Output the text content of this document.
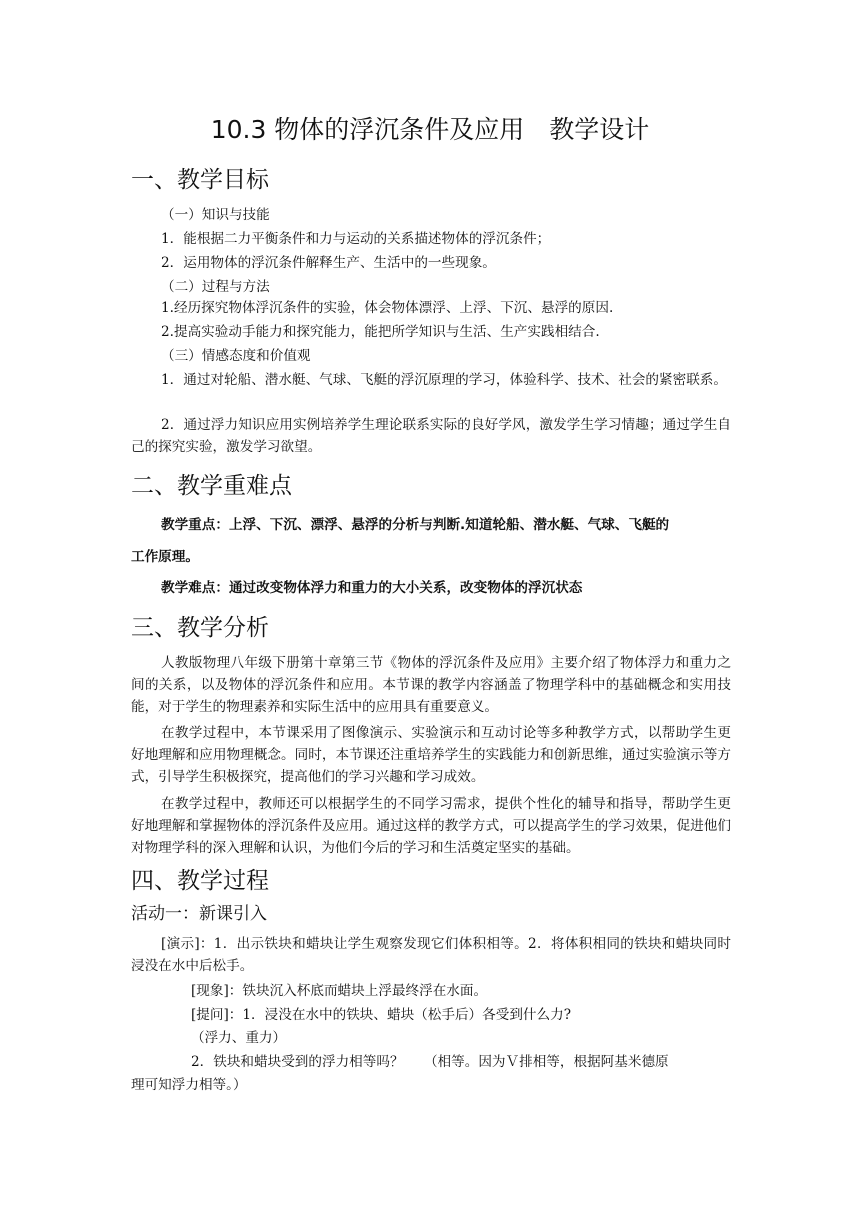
10.3 物体的浮沉条件及应用　教学设计
一、教学目标
（一）知识与技能
1．能根据二力平衡条件和力与运动的关系描述物体的浮沉条件；
2．运用物体的浮沉条件解释生产、生活中的一些现象。
（二）过程与方法
1.经历探究物体浮沉条件的实验，体会物体漂浮、上浮、下沉、悬浮的原因.
2.提高实验动手能力和探究能力，能把所学知识与生活、生产实践相结合.
（三）情感态度和价值观
1．通过对轮船、潜水艇、气球、飞艇的浮沉原理的学习，体验科学、技术、社会的紧密联系。
2．通过浮力知识应用实例培养学生理论联系实际的良好学风，激发学生学习情趣；通过学生自己的探究实验，激发学习欲望。
二、教学重难点
教学重点：上浮、下沉、漂浮、悬浮的分析与判断.知道轮船、潜水艇、气球、飞艇的
工作原理。
教学难点：通过改变物体浮力和重力的大小关系，改变物体的浮沉状态
三、教学分析
人教版物理八年级下册第十章第三节《物体的浮沉条件及应用》主要介绍了物体浮力和重力之间的关系，以及物体的浮沉条件和应用。本节课的教学内容涵盖了物理学科中的基础概念和实用技能，对于学生的物理素养和实际生活中的应用具有重要意义。
在教学过程中，本节课采用了图像演示、实验演示和互动讨论等多种教学方式，以帮助学生更好地理解和应用物理概念。同时，本节课还注重培养学生的实践能力和创新思维，通过实验演示等方式，引导学生积极探究，提高他们的学习兴趣和学习成效。
在教学过程中，教师还可以根据学生的不同学习需求，提供个性化的辅导和指导，帮助学生更好地理解和掌握物体的浮沉条件及应用。通过这样的教学方式，可以提高学生的学习效果，促进他们对物理学科的深入理解和认识，为他们今后的学习和生活奠定坚实的基础。
四、教学过程
活动一：新课引入
[演示]：1．出示铁块和蜡块让学生观察发现它们体积相等。2．将体积相同的铁块和蜡块同时浸没在水中后松手。
[现象]：铁块沉入杯底而蜡块上浮最终浮在水面。
[提问]：1．浸没在水中的铁块、蜡块（松手后）各受到什么力?
（浮力、重力）
2．铁块和蜡块受到的浮力相等吗？　　（相等。因为Ｖ排相等，根据阿基米德原
理可知浮力相等。）
